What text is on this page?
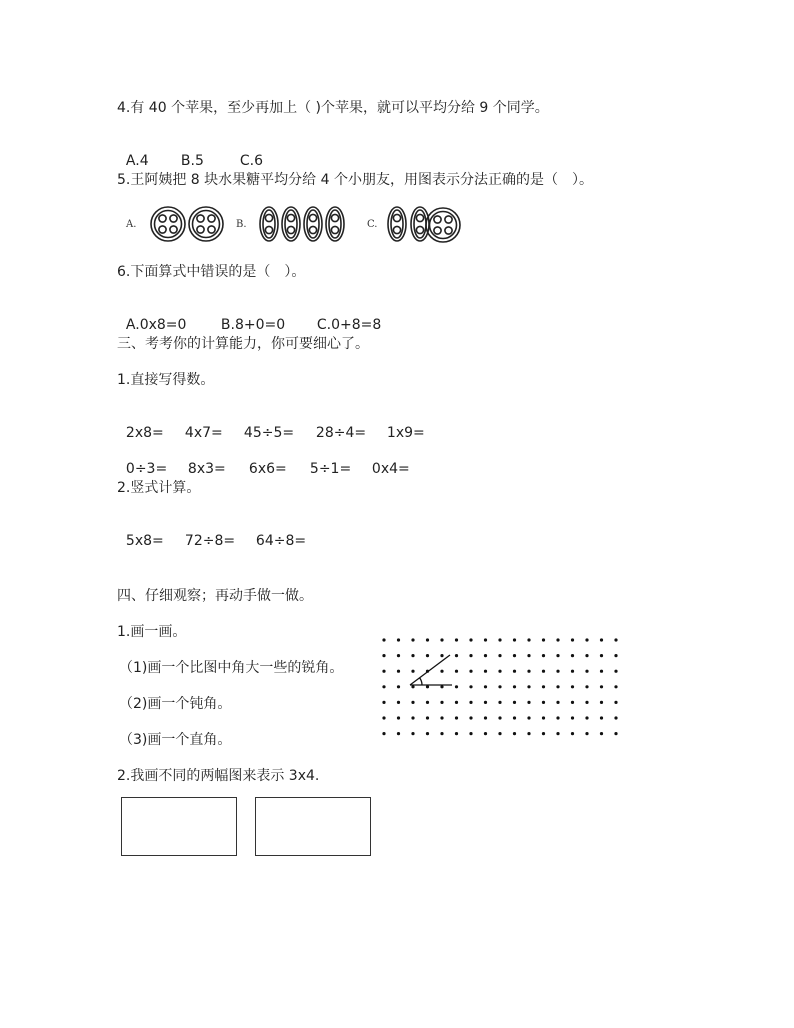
4.有 40 个苹果，至少再加上（ )个苹果，就可以平均分给 9 个同学。

A.4 B.5	C.6

5.王阿姨把 8 块水果糖平均分给 4 个小朋友，用图表示分法正确的是（　）。
A.	B.	C.
6.下面算式中错误的是（　）。

A.0x8=0 B.8+0=0 C.0+8=8

三、考考你的计算能力，你可要细心了。
1.直接写得数。

2x8= 4x7= 45÷5= 28÷4= 1x9=

0÷3= 8x3= 6x6= 5÷1= 0x4=

2.竖式计算。

5x8= 72÷8= 64÷8=

四、仔细观察；再动手做一做。
1.画一画。
（1)画一个比图中角大一些的锐角。
（2)画一个钝角。
（3)画一个直角。
2.我画不同的两幅图来表示 3x4.
